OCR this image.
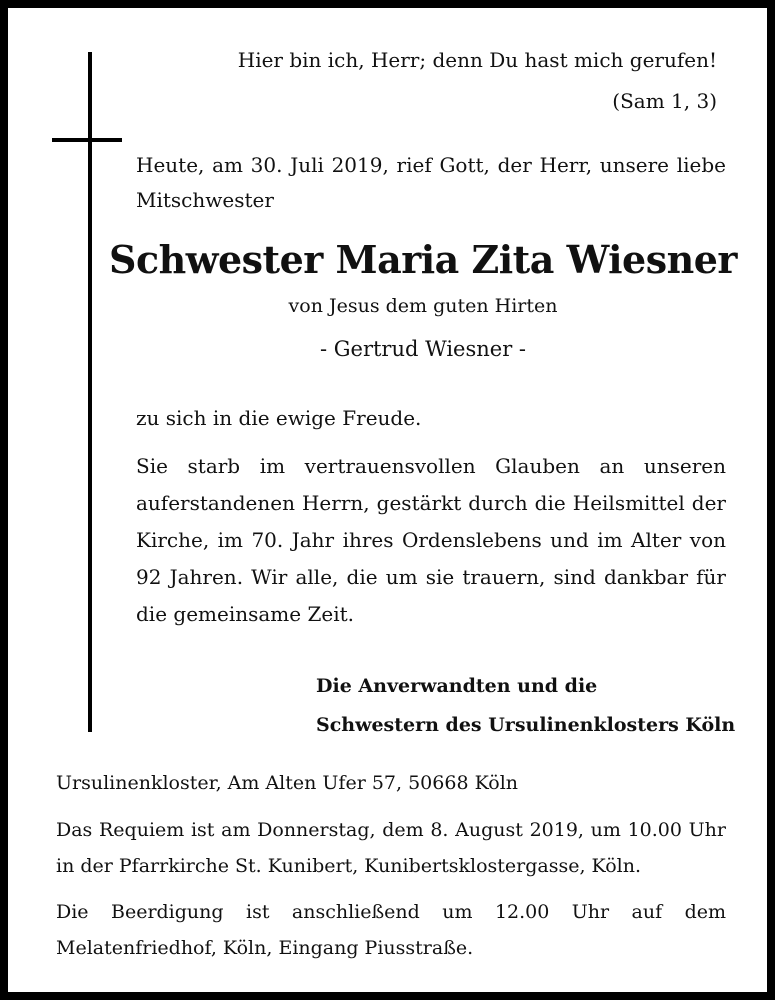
Hier bin ich, Herr; denn Du hast mich gerufen!
(Sam 1, 3)

Heute, am 30. Juli 2019, rief Gott, der Herr, unsere liebe Mitschwester

Schwester Maria Zita Wiesner
von Jesus dem guten Hirten
- Gertrud Wiesner -
zu sich in die ewige Freude.

Sie starb im vertrauensvollen Glauben an unseren auferstandenen Herrn, gestärkt durch die Heilsmittel der Kirche, im 70. Jahr ihres Ordenslebens und im Alter von 92 Jahren. Wir alle, die um sie trauern, sind dankbar für die gemeinsame Zeit.

Die Anverwandten und die
Schwestern des Ursulinenklosters Köln
Ursulinenkloster, Am Alten Ufer 57, 50668 Köln

Das Requiem ist am Donnerstag, dem 8. August 2019, um 10.00 Uhr in der Pfarrkirche St. Kunibert, Kunibertsklostergasse, Köln.

Die Beerdigung ist anschließend um 12.00 Uhr auf dem Melatenfriedhof, Köln, Eingang Piusstraße.
